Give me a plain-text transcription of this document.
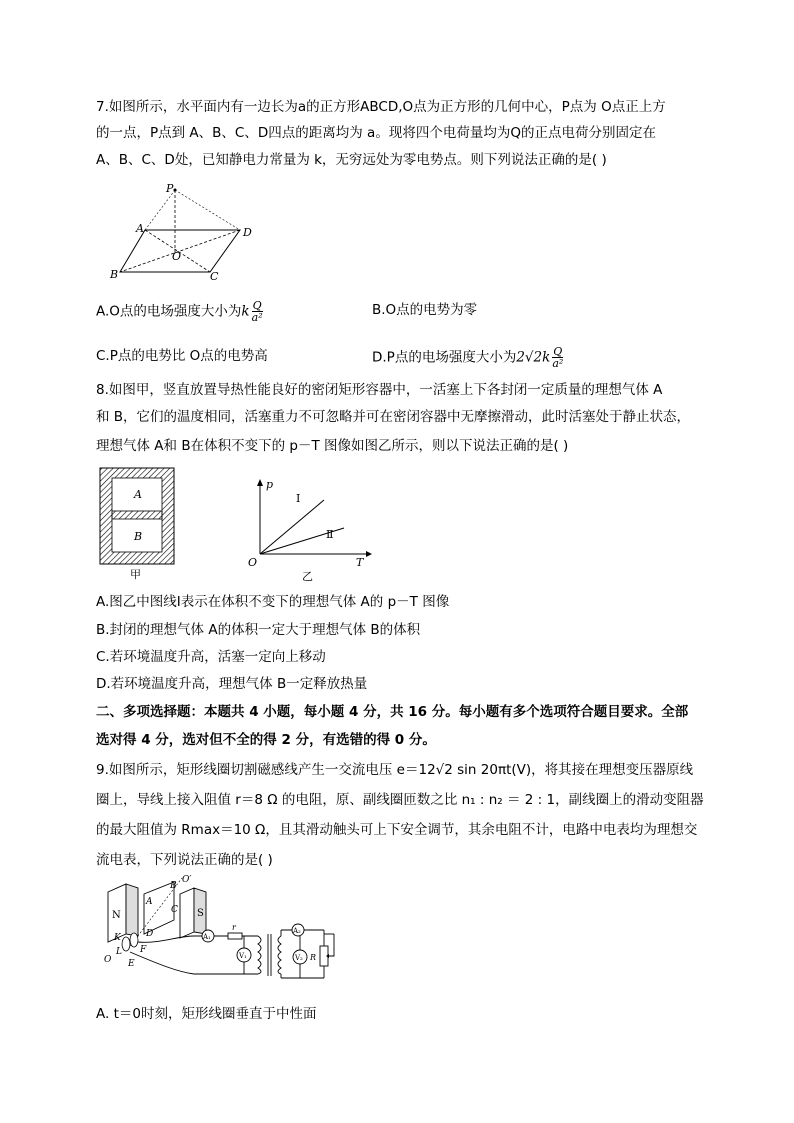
7.如图所示，水平面内有一边长为a的正方形ABCD,O点为正方形的几何中心，P点为 O点正上方
的一点，P点到 A、B、C、D四点的距离均为 a。现将四个电荷量均为Q的正点电荷分别固定在
A、B、C、D处，已知静电力常量为 k，无穷远处为零电势点。则下列说法正确的是( )
P
A	D
O
B	C
A.O点的电场强度大小为k $\frac{Q}{\text{a²}}$	B.O点的电势为零
C.P点的电势比 O点的电势高	D.P点的电场强度大小为$2√2k \frac{Q}{\text{a²}}$
8.如图甲，竖直放置导热性能良好的密闭矩形容器中，一活塞上下各封闭一定质量的理想气体 A
和 B，它们的温度相同，活塞重力不可忽略并可在密闭容器中无摩擦滑动，此时活塞处于静止状态，
理想气体 A和 B在体积不变下的 p－T 图像如图乙所示，则以下说法正确的是( )
A
B
甲
p
T
O
Ⅰ
Ⅱ
乙
A.图乙中图线Ⅰ表示在体积不变下的理想气体 A的 p－T 图像
B.封闭的理想气体 A的体积一定大于理想气体 B的体积
C.若环境温度升高，活塞一定向上移动
D.若环境温度升高，理想气体 B一定释放热量
二、多项选择题：本题共 4 小题，每小题 4 分，共 16 分。每小题有多个选项符合题目要求。全部
选对得 4 分，选对但不全的得 2 分，有选错的得 0 分。
9.如图所示，矩形线圈切割磁感线产生一交流电压 e＝12√2 sin 20πt(V)，将其接在理想变压器原线
圈上，导线上接入阻值 r＝8 Ω 的电阻，原、副线圈匝数之比 n₁ : n₂ ＝ 2 : 1，副线圈上的滑动变阻器
的最大阻值为 Rmax＝10 Ω，且其滑动触头可上下安全调节，其余电阻不计，电路中电表均为理想交
流电表，下列说法正确的是( )
N	S
A
B
C
D
O′
K
L F
E
O
A₁
r
V₁
A₂
V₂ R
A. t＝0时刻，矩形线圈垂直于中性面
